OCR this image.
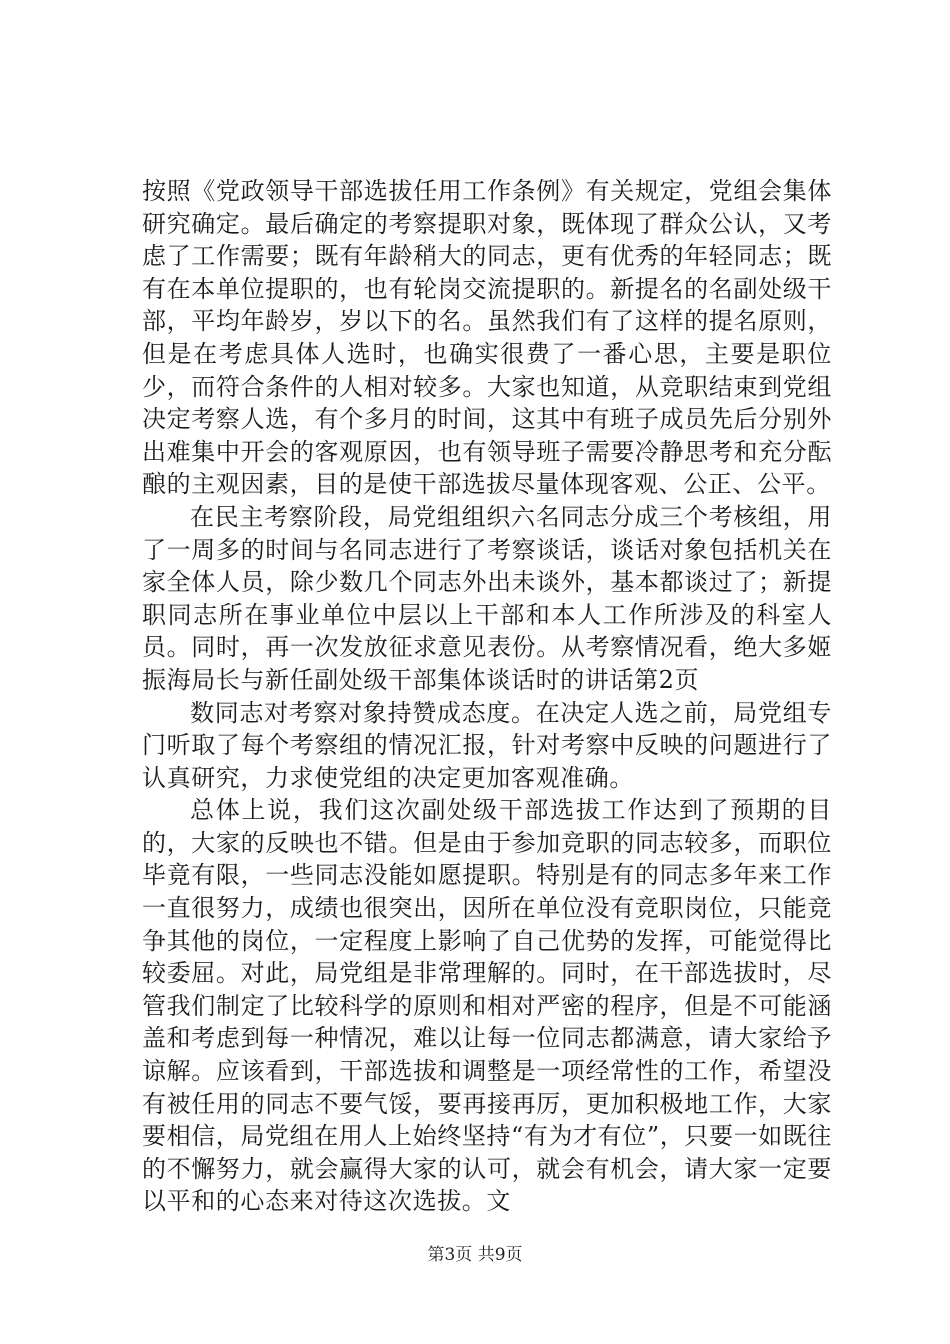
按照《党政领导干部选拔任用工作条例》有关规定，党组会集体研究确定。最后确定的考察提职对象，既体现了群众公认，又考虑了工作需要；既有年龄稍大的同志，更有优秀的年轻同志；既有在本单位提职的，也有轮岗交流提职的。新提名的名副处级干部，平均年龄岁，岁以下的名。虽然我们有了这样的提名原则，但是在考虑具体人选时，也确实很费了一番心思，主要是职位少，而符合条件的人相对较多。大家也知道，从竞职结束到党组决定考察人选，有个多月的时间，这其中有班子成员先后分别外出难集中开会的客观原因，也有领导班子需要冷静思考和充分酝酿的主观因素，目的是使干部选拔尽量体现客观、公正、公平。

在民主考察阶段，局党组组织六名同志分成三个考核组，用了一周多的时间与名同志进行了考察谈话，谈话对象包括机关在家全体人员，除少数几个同志外出未谈外，基本都谈过了；新提职同志所在事业单位中层以上干部和本人工作所涉及的科室人员。同时，再一次发放征求意见表份。从考察情况看，绝大多姬振海局长与新任副处级干部集体谈话时的讲话第2页

数同志对考察对象持赞成态度。在决定人选之前，局党组专门听取了每个考察组的情况汇报，针对考察中反映的问题进行了认真研究，力求使党组的决定更加客观准确。

总体上说，我们这次副处级干部选拔工作达到了预期的目的，大家的反映也不错。但是由于参加竞职的同志较多，而职位毕竟有限，一些同志没能如愿提职。特别是有的同志多年来工作一直很努力，成绩也很突出，因所在单位没有竞职岗位，只能竞争其他的岗位，一定程度上影响了自己优势的发挥，可能觉得比较委屈。对此，局党组是非常理解的。同时，在干部选拔时，尽管我们制定了比较科学的原则和相对严密的程序，但是不可能涵盖和考虑到每一种情况，难以让每一位同志都满意，请大家给予谅解。应该看到，干部选拔和调整是一项经常性的工作，希望没有被任用的同志不要气馁，要再接再厉，更加积极地工作，大家要相信，局党组在用人上始终坚持“有为才有位”，只要一如既往的不懈努力，就会赢得大家的认可，就会有机会，请大家一定要以平和的心态来对待这次选拔。文

第3页 共9页
